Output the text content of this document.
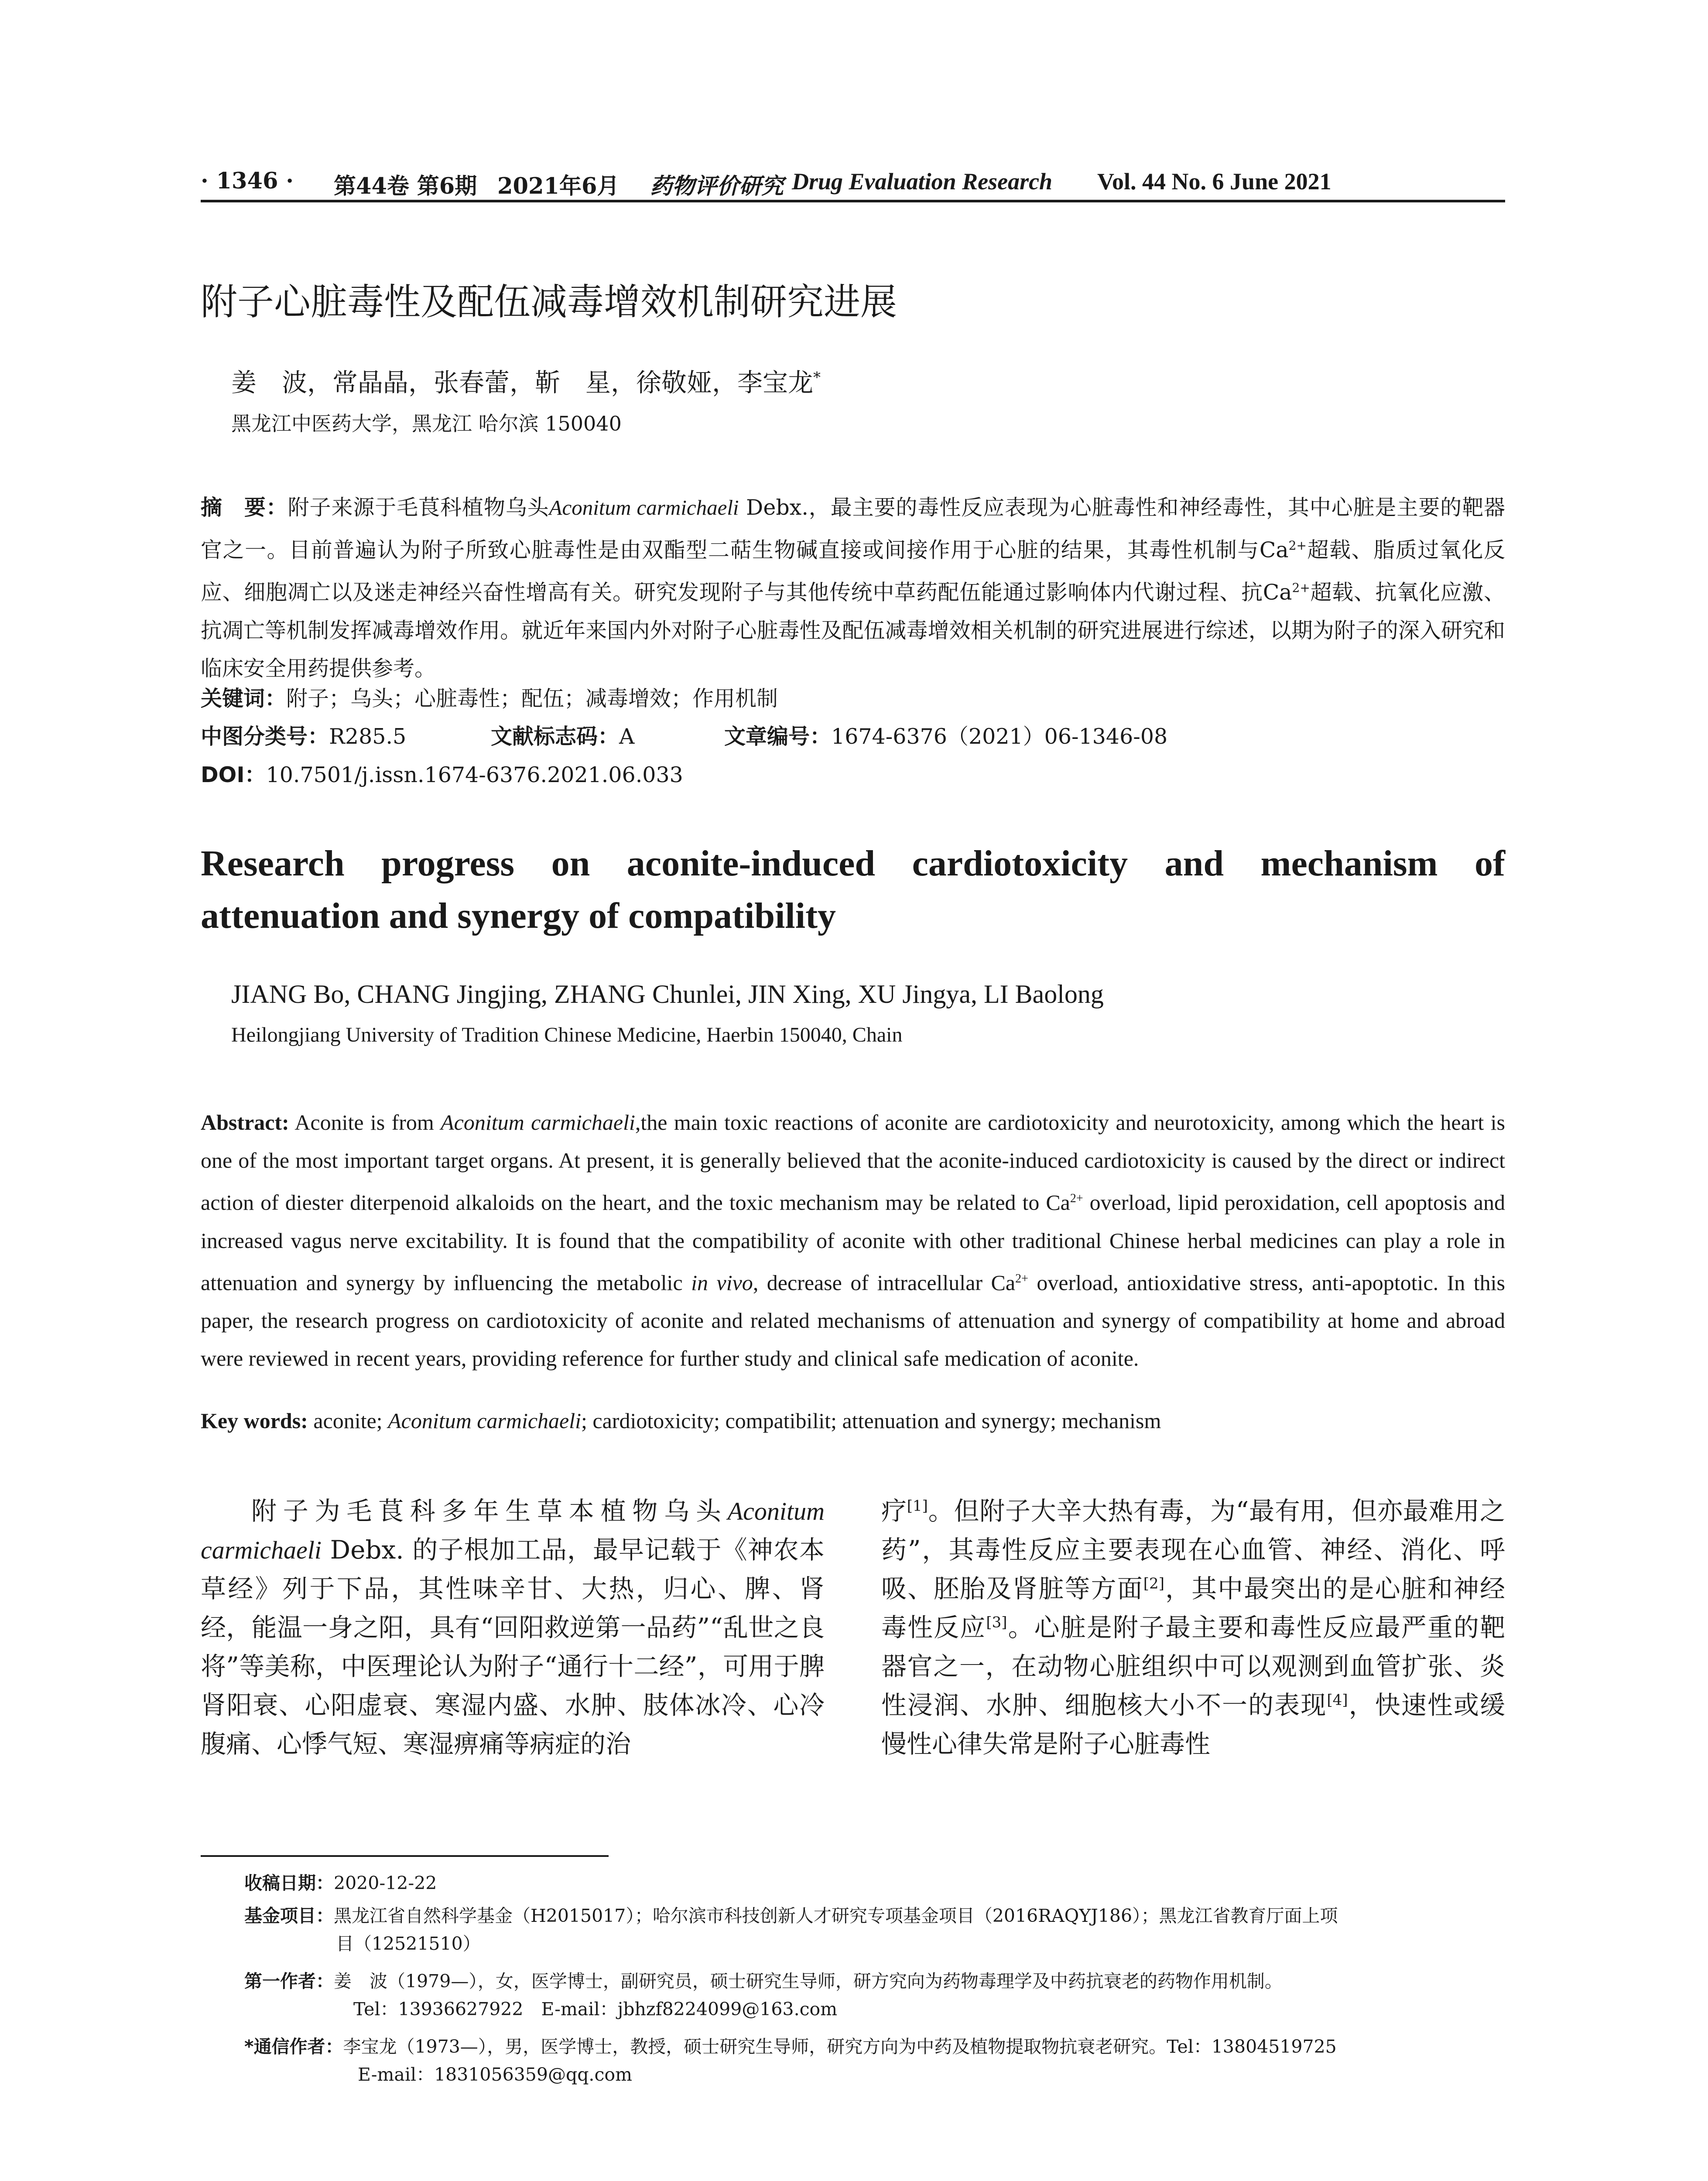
· 1346 · 第44卷 第6期 2021年6月 药物评价研究 Drug Evaluation Research Vol. 44 No. 6 June 2021
附子心脏毒性及配伍减毒增效机制研究进展
姜　波，常晶晶，张春蕾，靳　星，徐敬娅，李宝龙*
黑龙江中医药大学，黑龙江 哈尔滨 150040
摘　要：附子来源于毛茛科植物乌头Aconitum carmichaeli Debx.，最主要的毒性反应表现为心脏毒性和神经毒性，其中心脏是主要的靶器官之一。目前普遍认为附子所致心脏毒性是由双酯型二萜生物碱直接或间接作用于心脏的结果，其毒性机制与$Ca^{2+}$超载、脂质过氧化反应、细胞凋亡以及迷走神经兴奋性增高有关。研究发现附子与其他传统中草药配伍能通过影响体内代谢过程、抗$Ca^{2+}$超载、抗氧化应激、抗凋亡等机制发挥减毒增效作用。就近年来国内外对附子心脏毒性及配伍减毒增效相关机制的研究进展进行综述，以期为附子的深入研究和临床安全用药提供参考。
关键词：附子；乌头；心脏毒性；配伍；减毒增效；作用机制
中图分类号：R285.5	文献标志码：A	文章编号：1674-6376（2021）06-1346-08
DOI：10.7501/j.issn.1674-6376.2021.06.033
Research progress on aconite-induced cardiotoxicity and mechanism of
attenuation and synergy of compatibility
JIANG Bo, CHANG Jingjing, ZHANG Chunlei, JIN Xing, XU Jingya, LI Baolong
Heilongjiang University of Tradition Chinese Medicine, Haerbin 150040, Chain
Abstract: Aconite is from Aconitum carmichaeli,the main toxic reactions of aconite are cardiotoxicity and neurotoxicity, among which the heart is one of the most important target organs. At present, it is generally believed that the aconite-induced cardiotoxicity is caused by the direct or indirect action of diester diterpenoid alkaloids on the heart, and the toxic mechanism may be related to $Ca^{2+}$ overload, lipid peroxidation, cell apoptosis and increased vagus nerve excitability. It is found that the compatibility of aconite with other traditional Chinese herbal medicines can play a role in attenuation and synergy by influencing the metabolic in vivo, decrease of intracellular $Ca^{2+}$ overload, antioxidative stress, anti-apoptotic. In this paper, the research progress on cardiotoxicity of aconite and related mechanisms of attenuation and synergy of compatibility at home and abroad were reviewed in recent years, providing reference for further study and clinical safe medication of aconite.
Key words: aconite; Aconitum carmichaeli; cardiotoxicity; compatibilit; attenuation and synergy; mechanism
附子为毛茛科多年生草本植物乌头Aconitum carmichaeli Debx. 的子根加工品，最早记载于《神农本草经》列于下品，其性味辛甘、大热，归心、脾、肾经，能温一身之阳，具有“回阳救逆第一品药”“乱世之良将”等美称，中医理论认为附子“通行十二经”，可用于脾肾阳衰、心阳虚衰、寒湿内盛、水肿、肢体冰冷、心冷腹痛、心悸气短、寒湿痹痛等病症的治
疗[1]。但附子大辛大热有毒，为“最有用，但亦最难用之药”，其毒性反应主要表现在心血管、神经、消化、呼吸、胚胎及肾脏等方面[2]，其中最突出的是心脏和神经毒性反应[3]。心脏是附子最主要和毒性反应最严重的靶器官之一，在动物心脏组织中可以观测到血管扩张、炎性浸润、水肿、细胞核大小不一的表现[4]，快速性或缓慢性心律失常是附子心脏毒性
收稿日期：2020-12-22
基金项目：黑龙江省自然科学基金（H2015017）；哈尔滨市科技创新人才研究专项基金项目（2016RAQYJ186）；黑龙江省教育厅面上项
目（12521510）
第一作者：姜　波（1979—），女，医学博士，副研究员，硕士研究生导师，研方究向为药物毒理学及中药抗衰老的药物作用机制。
Tel：13936627922　E-mail：jbhzf8224099@163.com
*通信作者：李宝龙（1973—），男，医学博士，教授，硕士研究生导师，研究方向为中药及植物提取物抗衰老研究。Tel：13804519725
E-mail：1831056359@qq.com
